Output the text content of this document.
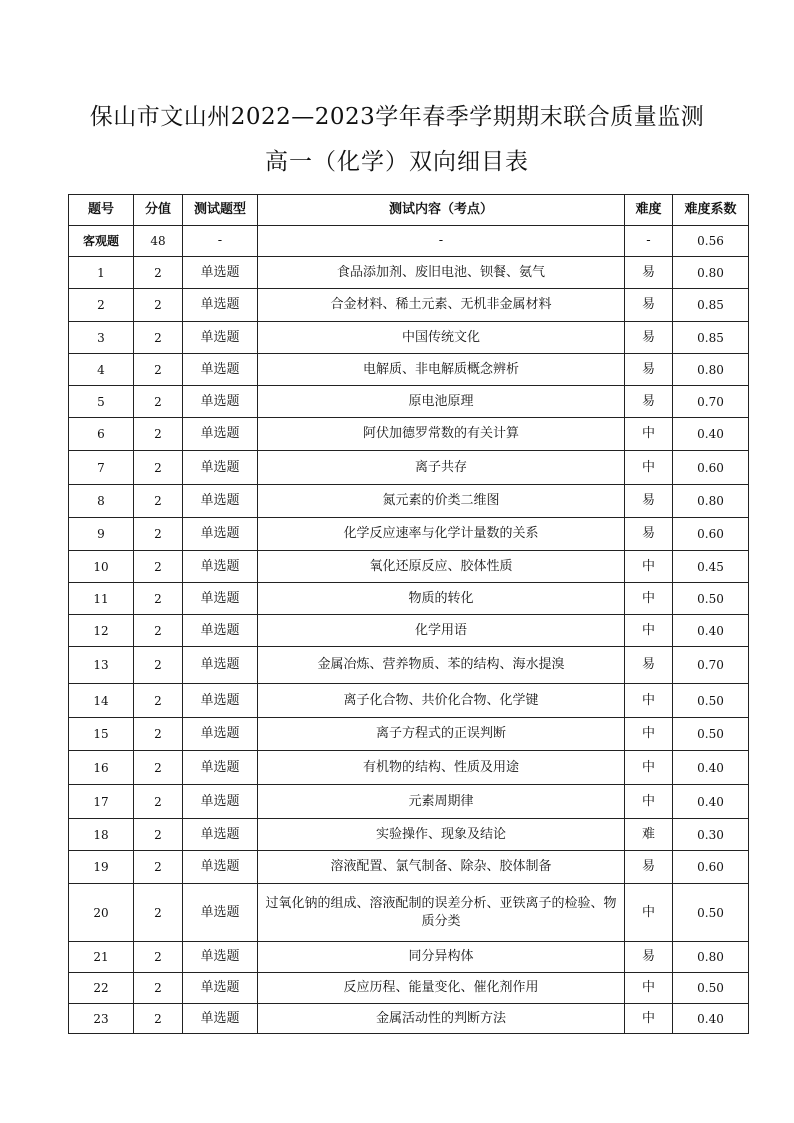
保山市文山州2022—2023学年春季学期期末联合质量监测
高一（化学）双向细目表
题号	分值	测试题型	测试内容（考点）	难度	难度系数
客观题	48	-	-	-	0.56
1	2	单选题	食品添加剂、废旧电池、钡餐、氨气	易	0.80
2	2	单选题	合金材料、稀土元素、无机非金属材料	易	0.85
3	2	单选题	中国传统文化	易	0.85
4	2	单选题	电解质、非电解质概念辨析	易	0.80
5	2	单选题	原电池原理	易	0.70
6	2	单选题	阿伏加德罗常数的有关计算	中	0.40
7	2	单选题	离子共存	中	0.60
8	2	单选题	氮元素的价类二维图	易	0.80
9	2	单选题	化学反应速率与化学计量数的关系	易	0.60
10	2	单选题	氧化还原反应、胶体性质	中	0.45
11	2	单选题	物质的转化	中	0.50
12	2	单选题	化学用语	中	0.40
13	2	单选题	金属冶炼、营养物质、苯的结构、海水提溴	易	0.70
14	2	单选题	离子化合物、共价化合物、化学键	中	0.50
15	2	单选题	离子方程式的正误判断	中	0.50
16	2	单选题	有机物的结构、性质及用途	中	0.40
17	2	单选题	元素周期律	中	0.40
18	2	单选题	实验操作、现象及结论	难	0.30
19	2	单选题	溶液配置、氯气制备、除杂、胶体制备	易	0.60
20	2	单选题	过氧化钠的组成、溶液配制的误差分析、亚铁离子的检验、物质分类	中	0.50
21	2	单选题	同分异构体	易	0.80
22	2	单选题	反应历程、能量变化、催化剂作用	中	0.50
23	2	单选题	金属活动性的判断方法	中	0.40
